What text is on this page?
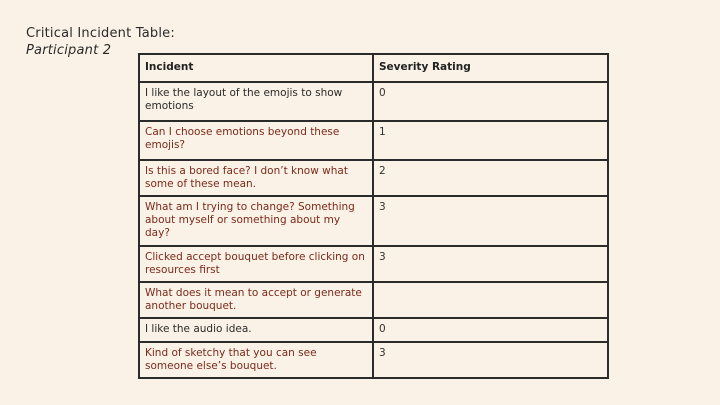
Critical Incident Table:
Participant 2
Incident	Severity Rating
I like the layout of the emojis to show emotions	0
Can I choose emotions beyond these emojis?	1
Is this a bored face? I don’t know what some of these mean.	2
What am I trying to change? Something about myself or something about my day?	3
Clicked accept bouquet before clicking on resources first	3
What does it mean to accept or generate another bouquet.	
I like the audio idea.	0
Kind of sketchy that you can see someone else’s bouquet.	3
